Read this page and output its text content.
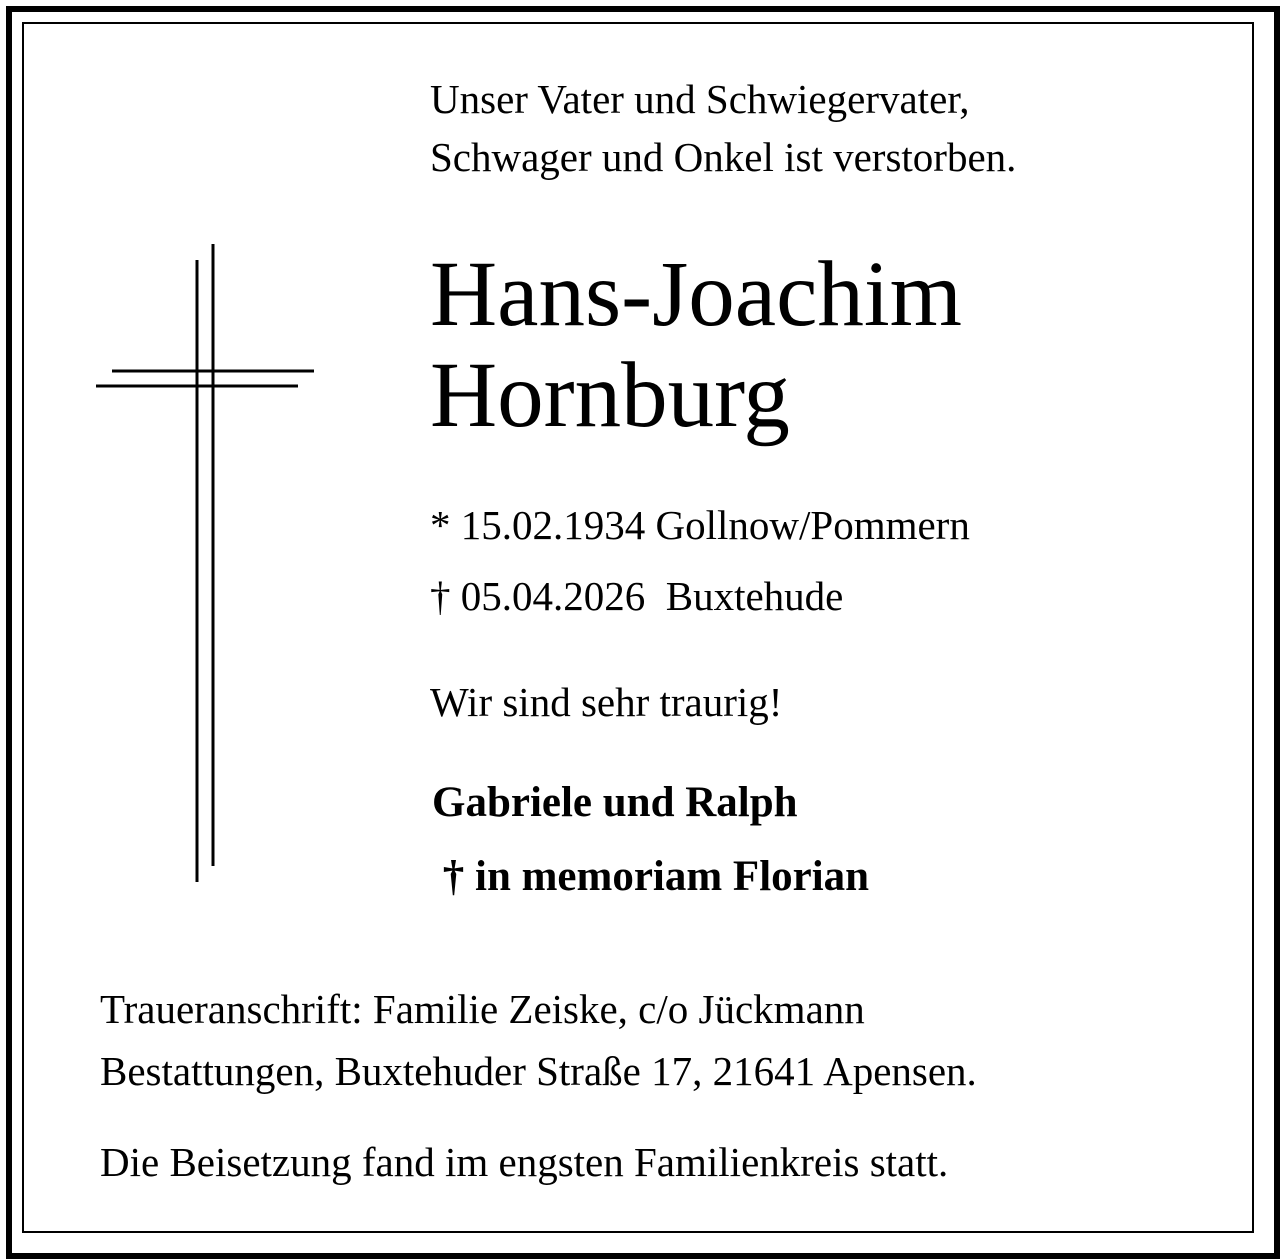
Unser Vater und Schwiegervater,
Schwager und Onkel ist verstorben.
Hans-Joachim
Hornburg
* 15.02.1934 Gollnow/Pommern
† 05.04.2026  Buxtehude
Wir sind sehr traurig!
Gabriele und Ralph
† in memoriam Florian
Traueranschrift: Familie Zeiske, c/o Jückmann
Bestattungen, Buxtehuder Straße 17, 21641 Apensen.
Die Beisetzung fand im engsten Familienkreis statt.
